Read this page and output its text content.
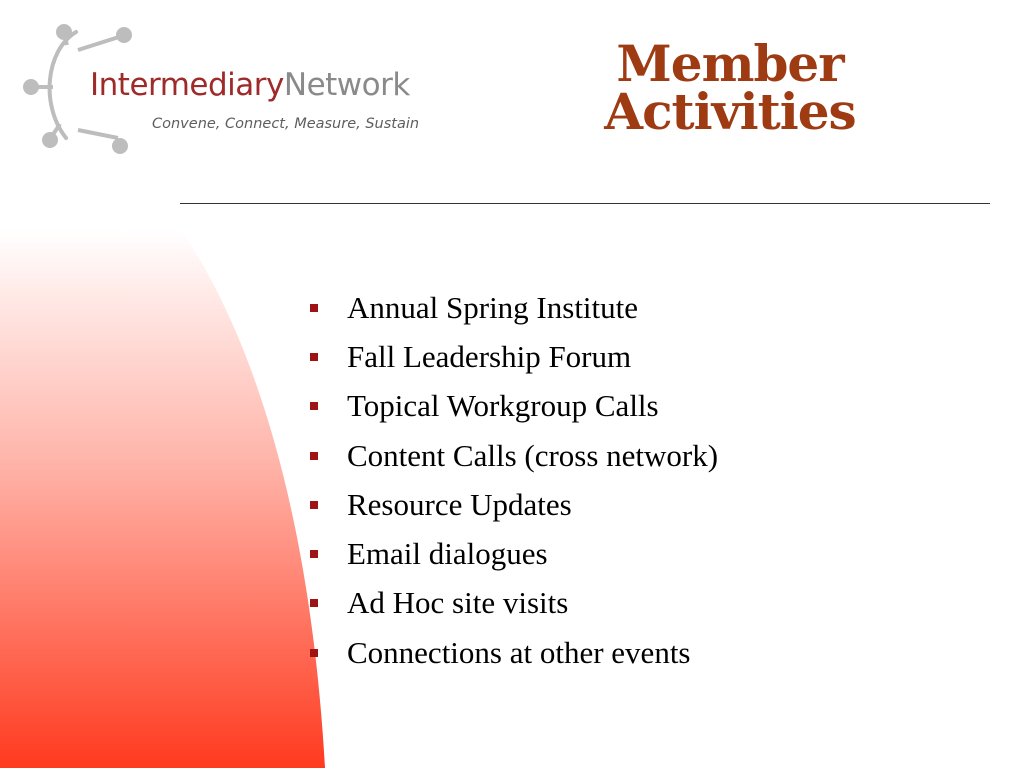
IntermediaryNetwork
Convene, Connect, Measure, Sustain
Member
Activities
Annual Spring Institute
Fall Leadership Forum
Topical Workgroup Calls
Content Calls (cross network)
Resource Updates
Email dialogues
Ad Hoc site visits
Connections at other events
